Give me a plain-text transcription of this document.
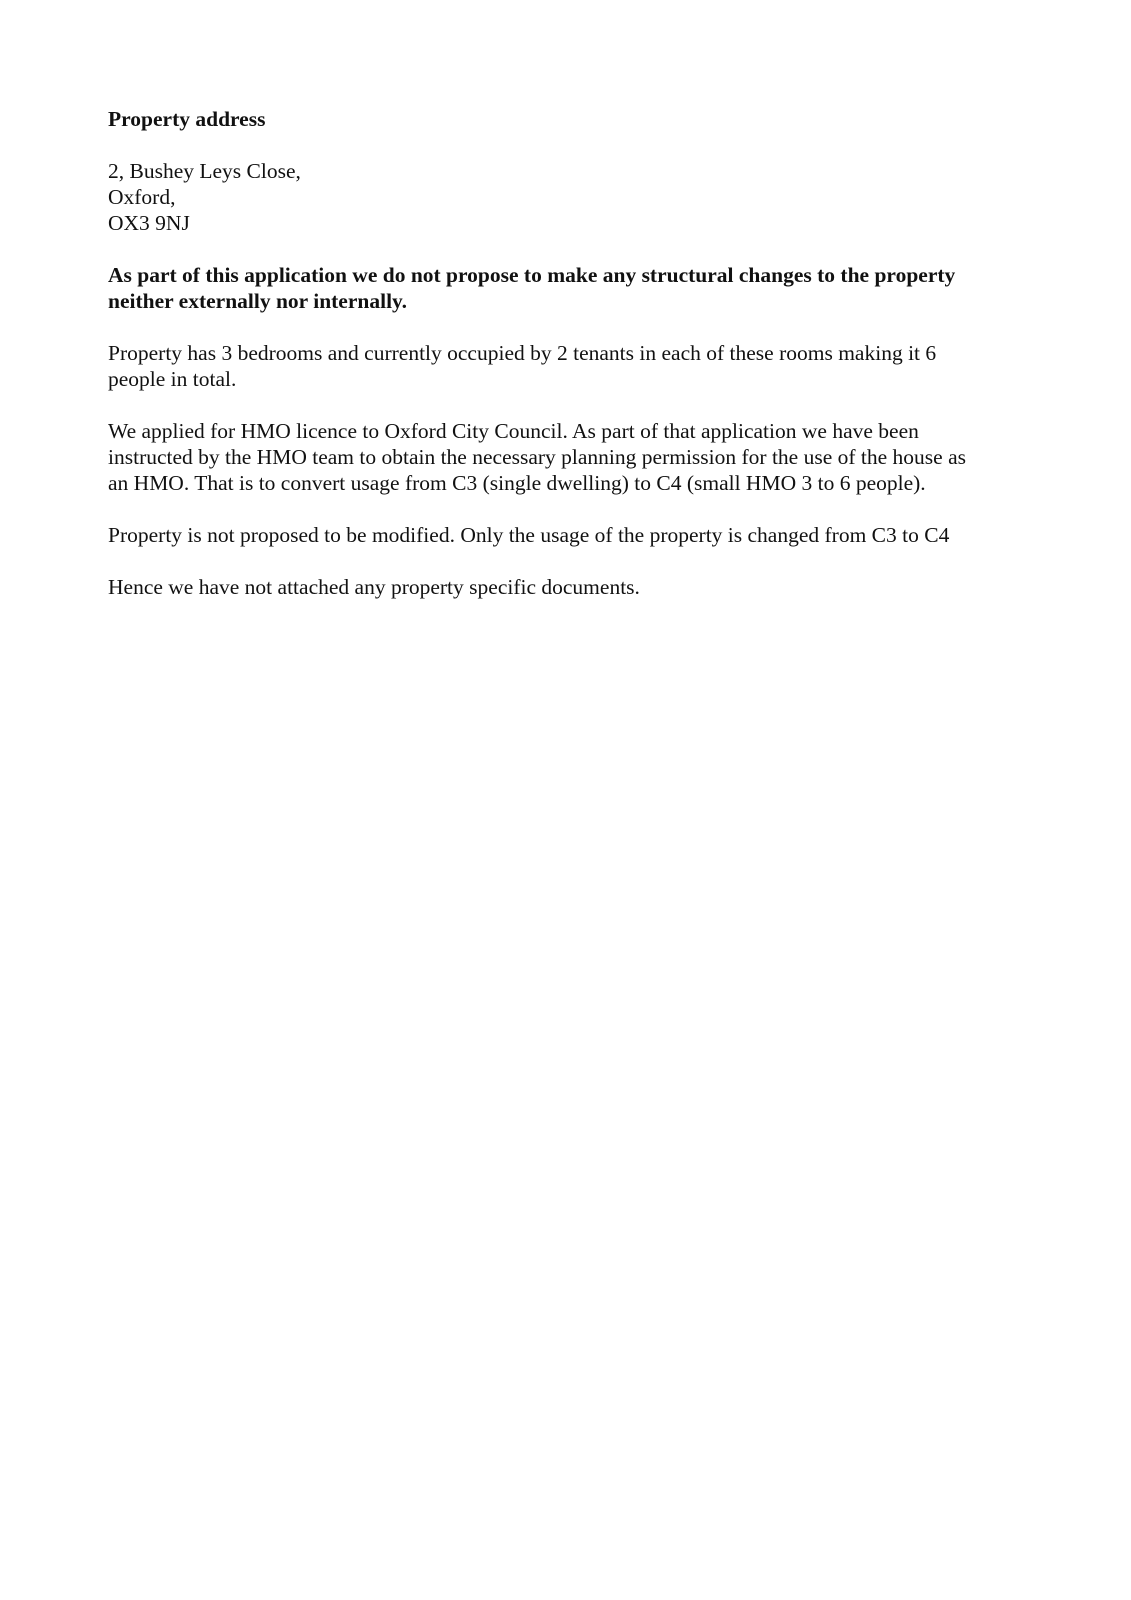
Property address

2, Bushey Leys Close,
Oxford,
OX3 9NJ

As part of this application we do not propose to make any structural changes to the property
neither externally nor internally.

Property has 3 bedrooms and currently occupied by 2 tenants in each of these rooms making it 6
people in total.

We applied for HMO licence to Oxford City Council. As part of that application we have been
instructed by the HMO team to obtain the necessary planning permission for the use of the house as
an HMO. That is to convert usage from C3 (single dwelling) to C4 (small HMO 3 to 6 people).

Property is not proposed to be modified. Only the usage of the property is changed from C3 to C4

Hence we have not attached any property specific documents.
